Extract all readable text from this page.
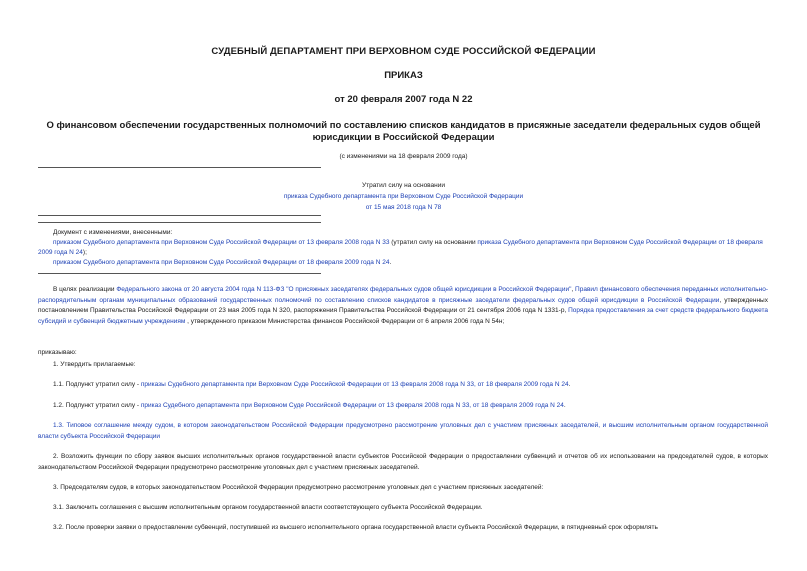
СУДЕБНЫЙ ДЕПАРТАМЕНТ ПРИ ВЕРХОВНОМ СУДЕ РОССИЙСКОЙ ФЕДЕРАЦИИ
ПРИКАЗ
от 20 февраля 2007 года N 22
О финансовом обеспечении государственных полномочий по составлению списков кандидатов в присяжные заседатели федеральных судов общей юрисдикции в Российской Федерации
(с изменениями на 18 февраля 2009 года)
Утратил силу на основании
приказа Судебного департамента при Верховном Суде Российской Федерации
от 15 мая 2018 года N 78
Документ с изменениями, внесенными:
приказом Судебного департамента при Верховном Суде Российской Федерации от 13 февраля 2008 года N 33 (утратил силу на основании приказа Судебного департамента при Верховном Суде Российской Федерации от 18 февраля 2009 года N 24);
приказом Судебного департамента при Верховном Суде Российской Федерации от 18 февраля 2009 года N 24.
В целях реализации Федерального закона от 20 августа 2004 года N 113-ФЗ "О присяжных заседателях федеральных судов общей юрисдикции в Российской Федерации", Правил финансового обеспечения переданных исполнительно-распорядительным органам муниципальных образований государственных полномочий по составлению списков кандидатов в присяжные заседатели федеральных судов общей юрисдикции в Российской Федерации, утвержденных постановлением Правительства Российской Федерации от 23 мая 2005 года N 320, распоряжения Правительства Российской Федерации от 21 сентября 2006 года N 1331-р, Порядка предоставления за счет средств федерального бюджета субсидий и субвенций бюджетным учреждениям , утвержденного приказом Министерства финансов Российской Федерации от 6 апреля 2006 года N 54н;
приказываю:
1. Утвердить прилагаемые:
1.1. Подпункт утратил силу - приказы Судебного департамента при Верховном Суде Российской Федерации от 13 февраля 2008 года N 33, от 18 февраля 2009 года N 24.
1.2. Подпункт утратил силу - приказ Судебного департамента при Верховном Суде Российской Федерации от 13 февраля 2008 года N 33, от 18 февраля 2009 года N 24.
1.3. Типовое соглашение между судом, в котором законодательством Российской Федерации предусмотрено рассмотрение уголовных дел с участием присяжных заседателей, и высшим исполнительным органом государственной власти субъекта Российской Федерации
2. Возложить функции по сбору заявок высших исполнительных органов государственной власти субъектов Российской Федерации о предоставлении субвенций и отчетов об их использовании на председателей судов, в которых законодательством Российской Федерации предусмотрено рассмотрение уголовных дел с участием присяжных заседателей.
3. Председателям судов, в которых законодательством Российской Федерации предусмотрено рассмотрение уголовных дел с участием присяжных заседателей:
3.1. Заключить соглашения с высшим исполнительным органом государственной власти соответствующего субъекта Российской Федерации.
3.2. После проверки заявки о предоставлении субвенций, поступившей из высшего исполнительного органа государственной власти субъекта Российской Федерации, в пятидневный срок оформлять
